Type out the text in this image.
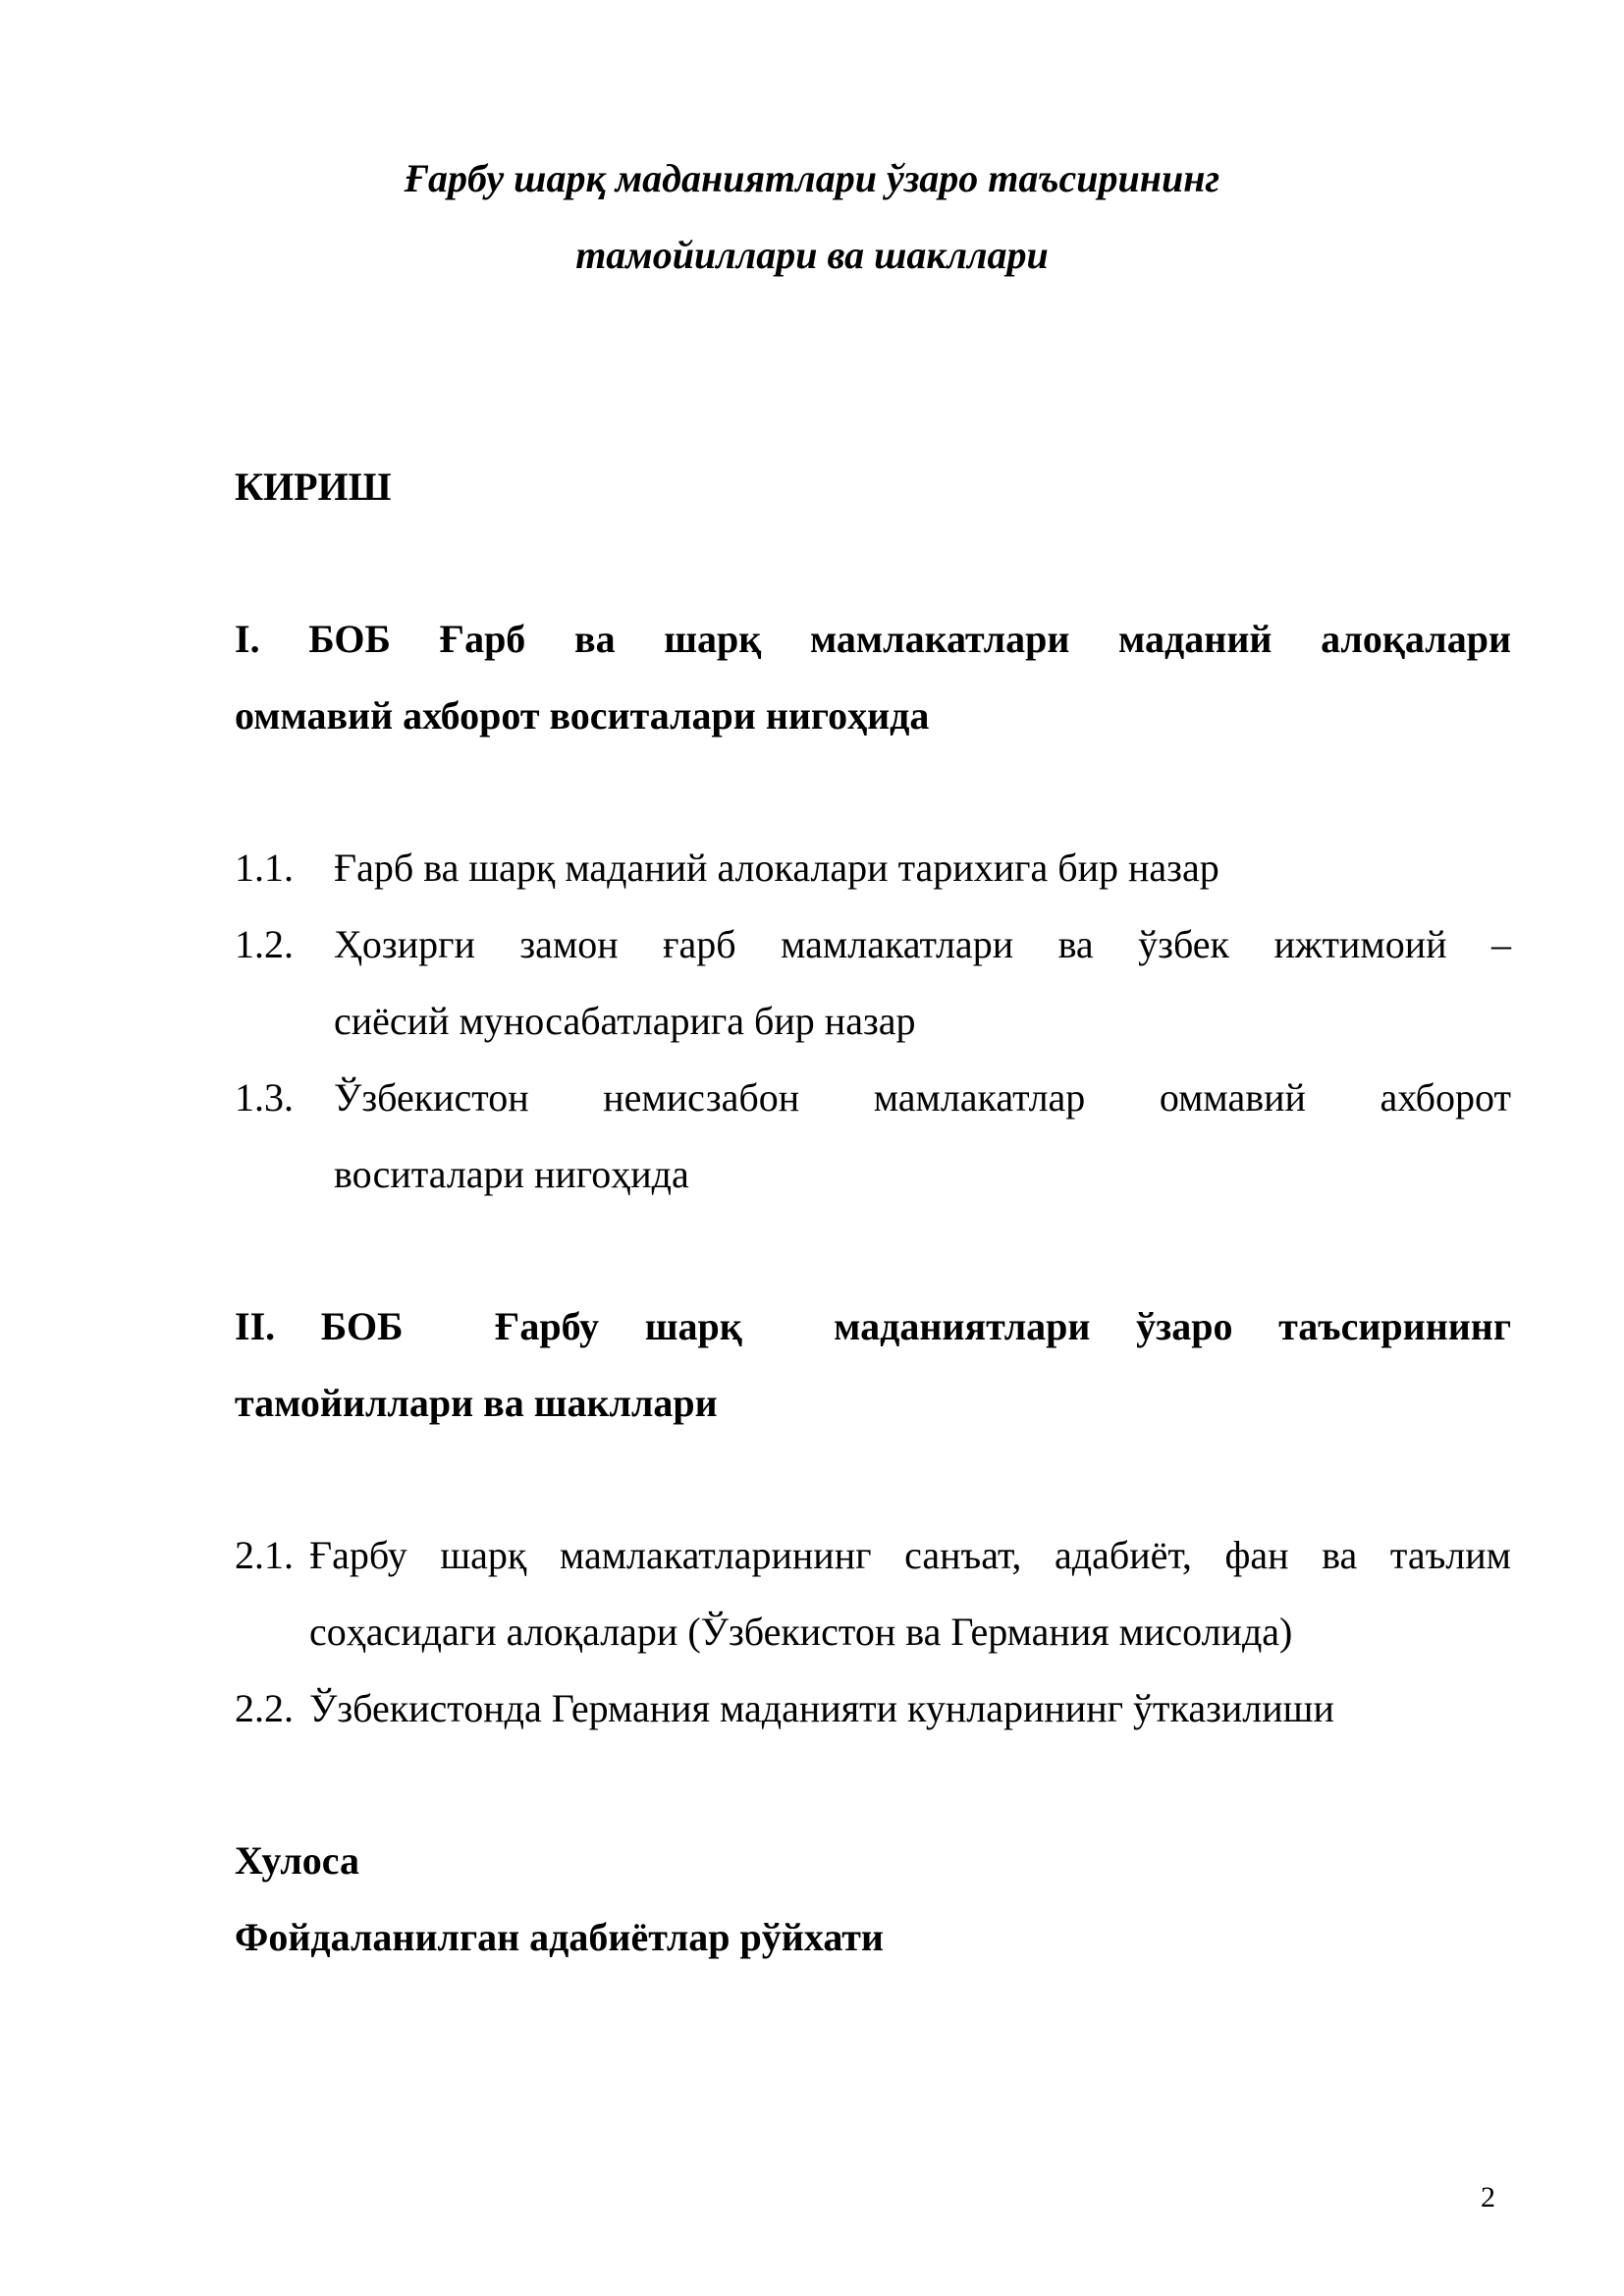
Ғарбу шарқ маданиятлари ўзаро таъсирининг
тамойиллари ва шакллари
КИРИШ
I. БОБ Ғарб ва шарқ мамлакатлари маданий алоқалари
оммавий ахборот воситалари нигоҳида
1.1. Ғарб ва шарқ маданий алокалари тарихига бир назар
1.2. Ҳозирги замон ғарб мамлакатлари ва ўзбек ижтимоий –
сиёсий муносабатларига бир назар
1.3. Ўзбекистон немисзабон мамлакатлар оммавий ахборот
воситалари нигоҳида
II. БОБ  Ғарбу шарқ  маданиятлари ўзаро таъсирининг
тамойиллари ва шакллари
2.1. Ғарбу шарқ мамлакатларининг санъат, адабиёт, фан ва таълим
соҳасидаги алоқалари (Ўзбекистон ва Германия мисолида)
2.2. Ўзбекистонда Германия маданияти кунларининг ўтказилиши
Хулоса
Фойдаланилган адабиётлар рўйхати
2
